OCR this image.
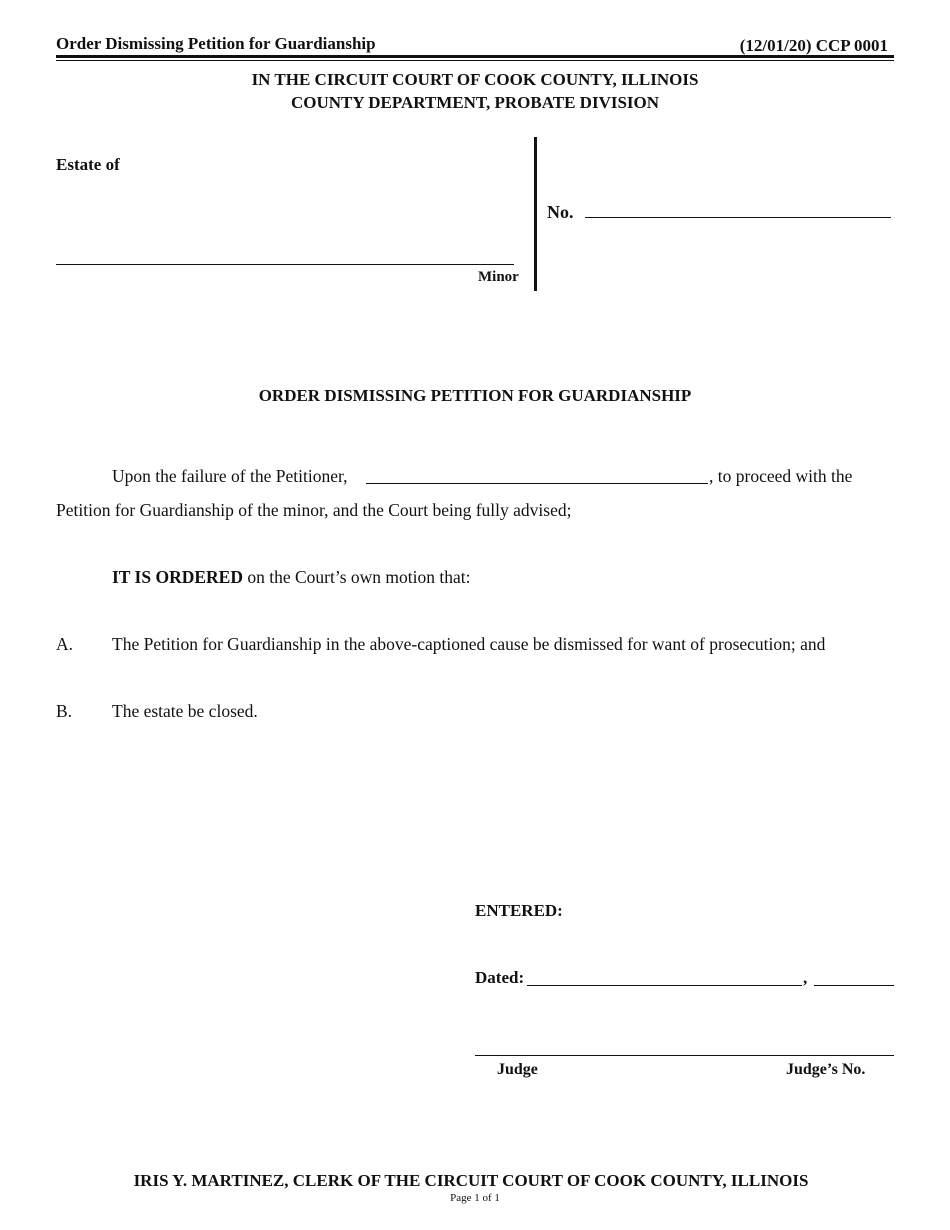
Order Dismissing Petition for Guardianship	(12/01/20) CCP 0001
IN THE CIRCUIT COURT OF COOK COUNTY, ILLINOIS
COUNTY DEPARTMENT, PROBATE DIVISION
Estate of
Minor
No.
ORDER DISMISSING PETITION FOR GUARDIANSHIP
Upon the failure of the Petitioner,	, to proceed with the
Petition for Guardianship of the minor, and the Court being fully advised;
IT IS ORDERED on the Court’s own motion that:
A. The Petition for Guardianship in the above-captioned cause be dismissed for want of prosecution; and
B. The estate be closed.
ENTERED:
Dated:	,
Judge	Judge’s No.
IRIS Y. MARTINEZ, CLERK OF THE CIRCUIT COURT OF COOK COUNTY, ILLINOIS
Page 1 of 1
